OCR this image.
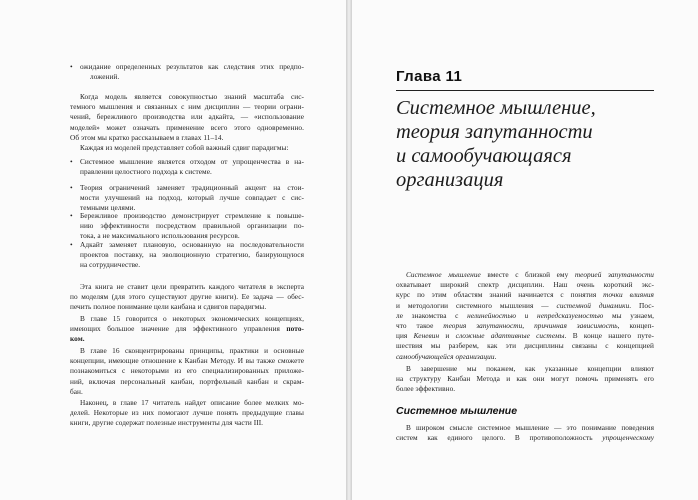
• ожидание определенных результатов как следствия этих предпо-
ложений.
Когда модель является совокупностью знаний масштаба сис-
темного мышления и связанных с ним дисциплин — теории ограни-
чений, бережливого производства или адкайта, — «использование
моделей» может означать применение всего этого одновременно.
Об этом мы кратко рассказываем в главах 11–14.
Каждая из моделей представляет собой важный сдвиг парадигмы:
• Системное мышление является отходом от упрощенчества в на-
правлении целостного подхода к системе.
• Теория ограничений заменяет традиционный акцент на стои-
мости улучшений на подход, который лучше совпадает с сис-
темными целями.
• Бережливое производство демонстрирует стремление к повыше-
нию эффективности посредством правильной организации по-
тока, а не максимального использования ресурсов.
• Адкайт заменяет плановую, основанную на последовательности
проектов поставку, на эволюционную стратегию, базирующуюся
на сотрудничестве.
Эта книга не ставит цели превратить каждого читателя в эксперта
по моделям (для этого существуют другие книги). Ее задача — обес-
печить полное понимание цели канбана и сдвигов парадигмы.
В главе 15 говорится о некоторых экономических концепциях,
имеющих большое значение для эффективного управления пото-
ком.
В главе 16 сконцентрированы принципы, практики и основные
концепции, имеющие отношение к Канбан Методу. И вы также сможете
познакомиться с некоторыми из его специализированных приложе-
ний, включая персональный канбан, портфельный канбан и скрам-
бан.
Наконец, в главе 17 читатель найдет описание более мелких мо-
делей. Некоторые из них помогают лучше понять предыдущие главы
книги, другие содержат полезные инструменты для части III.
Глава 11
Системное мышление,
теория запутанности
и самообучающаяся
организация
Системное мышление вместе с близкой ему теорией запутанности
охватывает широкий спектр дисциплин. Наш очень короткий экс-
курс по этим областям знаний начинается с понятия точки влияния
и методологии системного мышления — системной динамики. Пос-
ле знакомства с нелинейностью и непредсказуемостью мы узнаем,
что такое теория запутанности, причинная зависимость, концеп-
ция Кеневин и сложные адаптивные системы. В конце нашего путе-
шествия мы разберем, как эти дисциплины связаны с концепцией
самообучающейся организации.
В завершение мы покажем, как указанные концепции влияют
на структуру Канбан Метода и как они могут помочь применять его
более эффективно.
Системное мышление
В широком смысле системное мышление — это понимание поведения
систем как единого целого. В противоположность упрощенческому
